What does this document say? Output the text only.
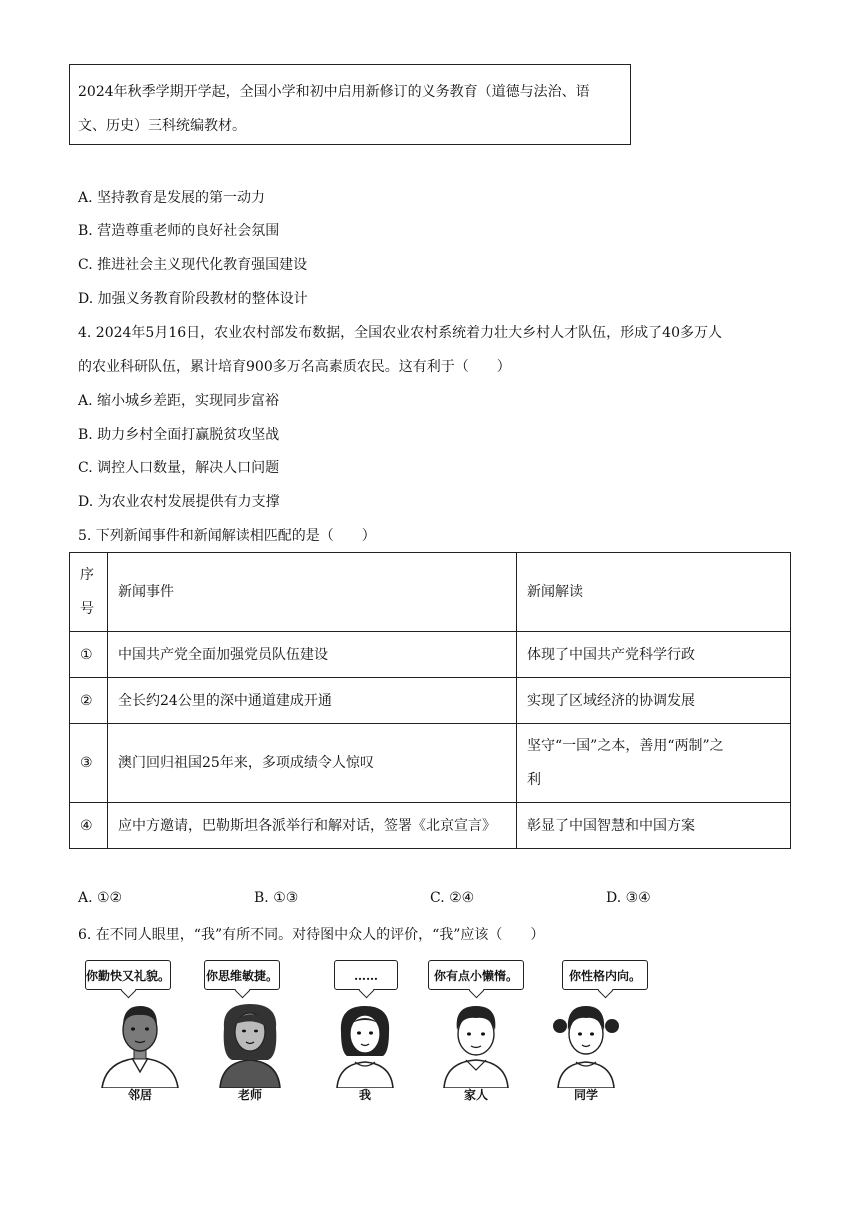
2024年秋季学期开学起，全国小学和初中启用新修订的义务教育（道德与法治、语
文、历史）三科统编教材。
A. 坚持教育是发展的第一动力
B. 营造尊重老师的良好社会氛围
C. 推进社会主义现代化教育强国建设
D. 加强义务教育阶段教材的整体设计
4. 2024年5月16日，农业农村部发布数据，全国农业农村系统着力壮大乡村人才队伍，形成了40多万人
的农业科研队伍，累计培育900多万名高素质农民。这有利于（　　）
A. 缩小城乡差距，实现同步富裕
B. 助力乡村全面打赢脱贫攻坚战
C. 调控人口数量，解决人口问题
D. 为农业农村发展提供有力支撑
5. 下列新闻事件和新闻解读相匹配的是（　　）
序
号	新闻事件	新闻解读
①	中国共产党全面加强党员队伍建设	体现了中国共产党科学行政
②	全长约24公里的深中通道建成开通	实现了区域经济的协调发展
③	澳门回归祖国25年来，多项成绩令人惊叹	坚守“一国”之本，善用“两制”之
利

④	应中方邀请，巴勒斯坦各派举行和解对话，签署《北京宣言》	彰显了中国智慧和中国方案
A. ①②	B. ①③	C. ②④	D. ③④
6. 在不同人眼里，“我”有所不同。对待图中众人的评价，“我”应该（　　）
你勤快又礼貌。	你思维敏捷。	……	你有点小懒惰。	你性格内向。
邻居	老师	我	家人	同学
